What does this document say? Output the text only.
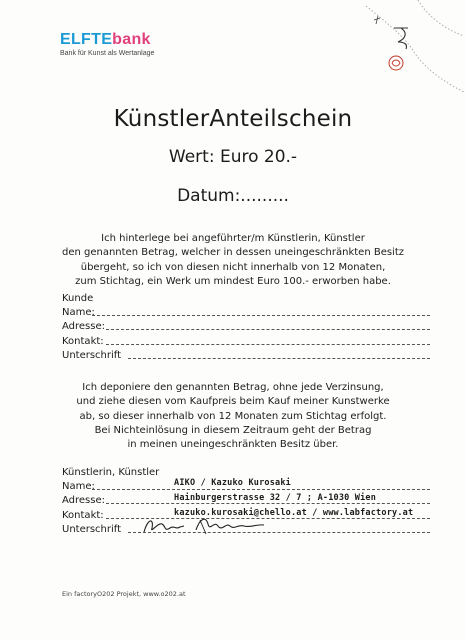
ELFTEbank
Bank für Kunst als Wertanlage
KünstlerAnteilschein
Wert: Euro 20.-
Datum:.........
Ich hinterlege bei angeführter/m Künstlerin, Künstler
den genannten Betrag, welcher in dessen uneingeschränkten Besitz
übergeht, so ich von diesen nicht innerhalb von 12 Monaten,
zum Stichtag, ein Werk um mindest Euro 100.- erworben habe.
Kunde
Name:
Adresse:
Kontakt:
Unterschrift
Ich deponiere den genannten Betrag, ohne jede Verzinsung,
und ziehe diesen vom Kaufpreis beim Kauf meiner Kunstwerke
ab, so dieser innerhalb von 12 Monaten zum Stichtag erfolgt.
Bei Nichteinlösung in diesem Zeitraum geht der Betrag
in meinen uneingeschränkten Besitz über.
Künstlerin, Künstler
Name:	AIKO / Kazuko Kurosaki
Adresse:	Hainburgerstrasse 32 / 7 ; A-1030 Wien
Kontakt:	kazuko.kurosaki@chello.at / www.labfactory.at
Unterschrift
Ein factoryO202 Projekt, www.o202.at
